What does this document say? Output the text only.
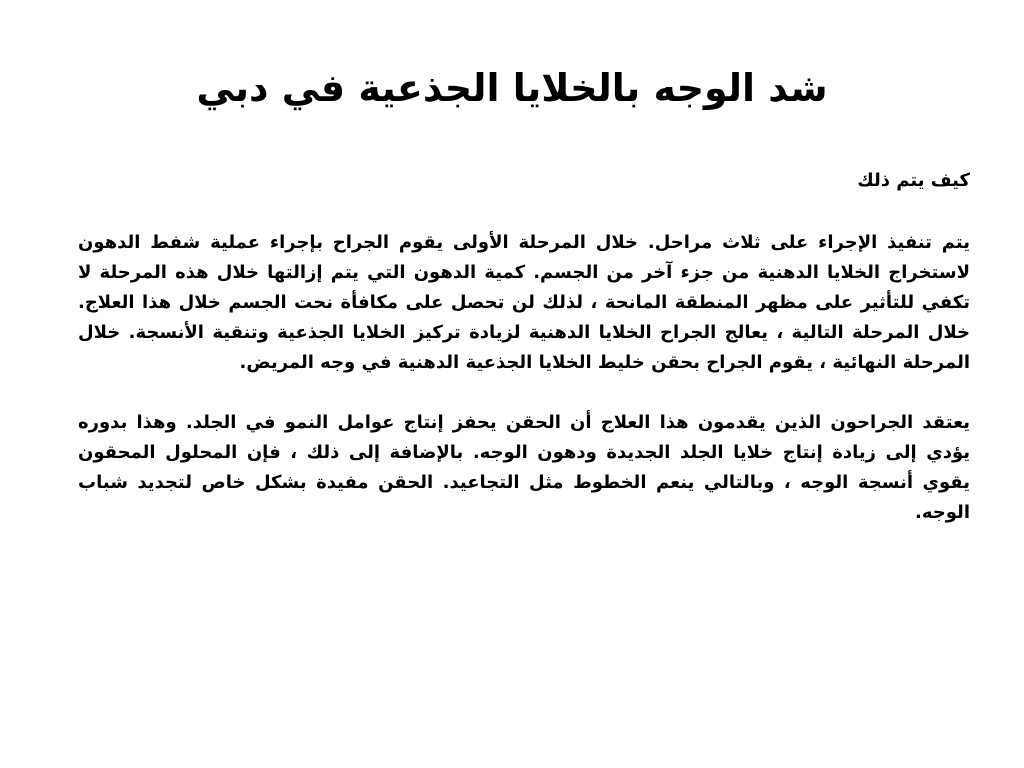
شد الوجه بالخلايا الجذعية في دبي

كيف يتم ذلك

يتم تنفيذ الإجراء على ثلاث مراحل. خلال المرحلة الأولى يقوم الجراح بإجراء عملية شفط الدهون لاستخراج الخلايا الدهنية من جزء آخر من الجسم. كمية الدهون التي يتم إزالتها خلال هذه المرحلة لا تكفي للتأثير على مظهر المنطقة المانحة ، لذلك لن تحصل على مكافأة نحت الجسم خلال هذا العلاج. خلال المرحلة التالية ، يعالج الجراح الخلايا الدهنية لزيادة تركيز الخلايا الجذعية وتنقية الأنسجة. خلال المرحلة النهائية ، يقوم الجراح بحقن خليط الخلايا الجذعية الدهنية في وجه المريض.

يعتقد الجراحون الذين يقدمون هذا العلاج أن الحقن يحفز إنتاج عوامل النمو في الجلد. وهذا بدوره يؤدي إلى زيادة إنتاج خلايا الجلد الجديدة ودهون الوجه. بالإضافة إلى ذلك ، فإن المحلول المحقون يقوي أنسجة الوجه ، وبالتالي ينعم الخطوط مثل التجاعيد. الحقن مفيدة بشكل خاص لتجديد شباب الوجه.
